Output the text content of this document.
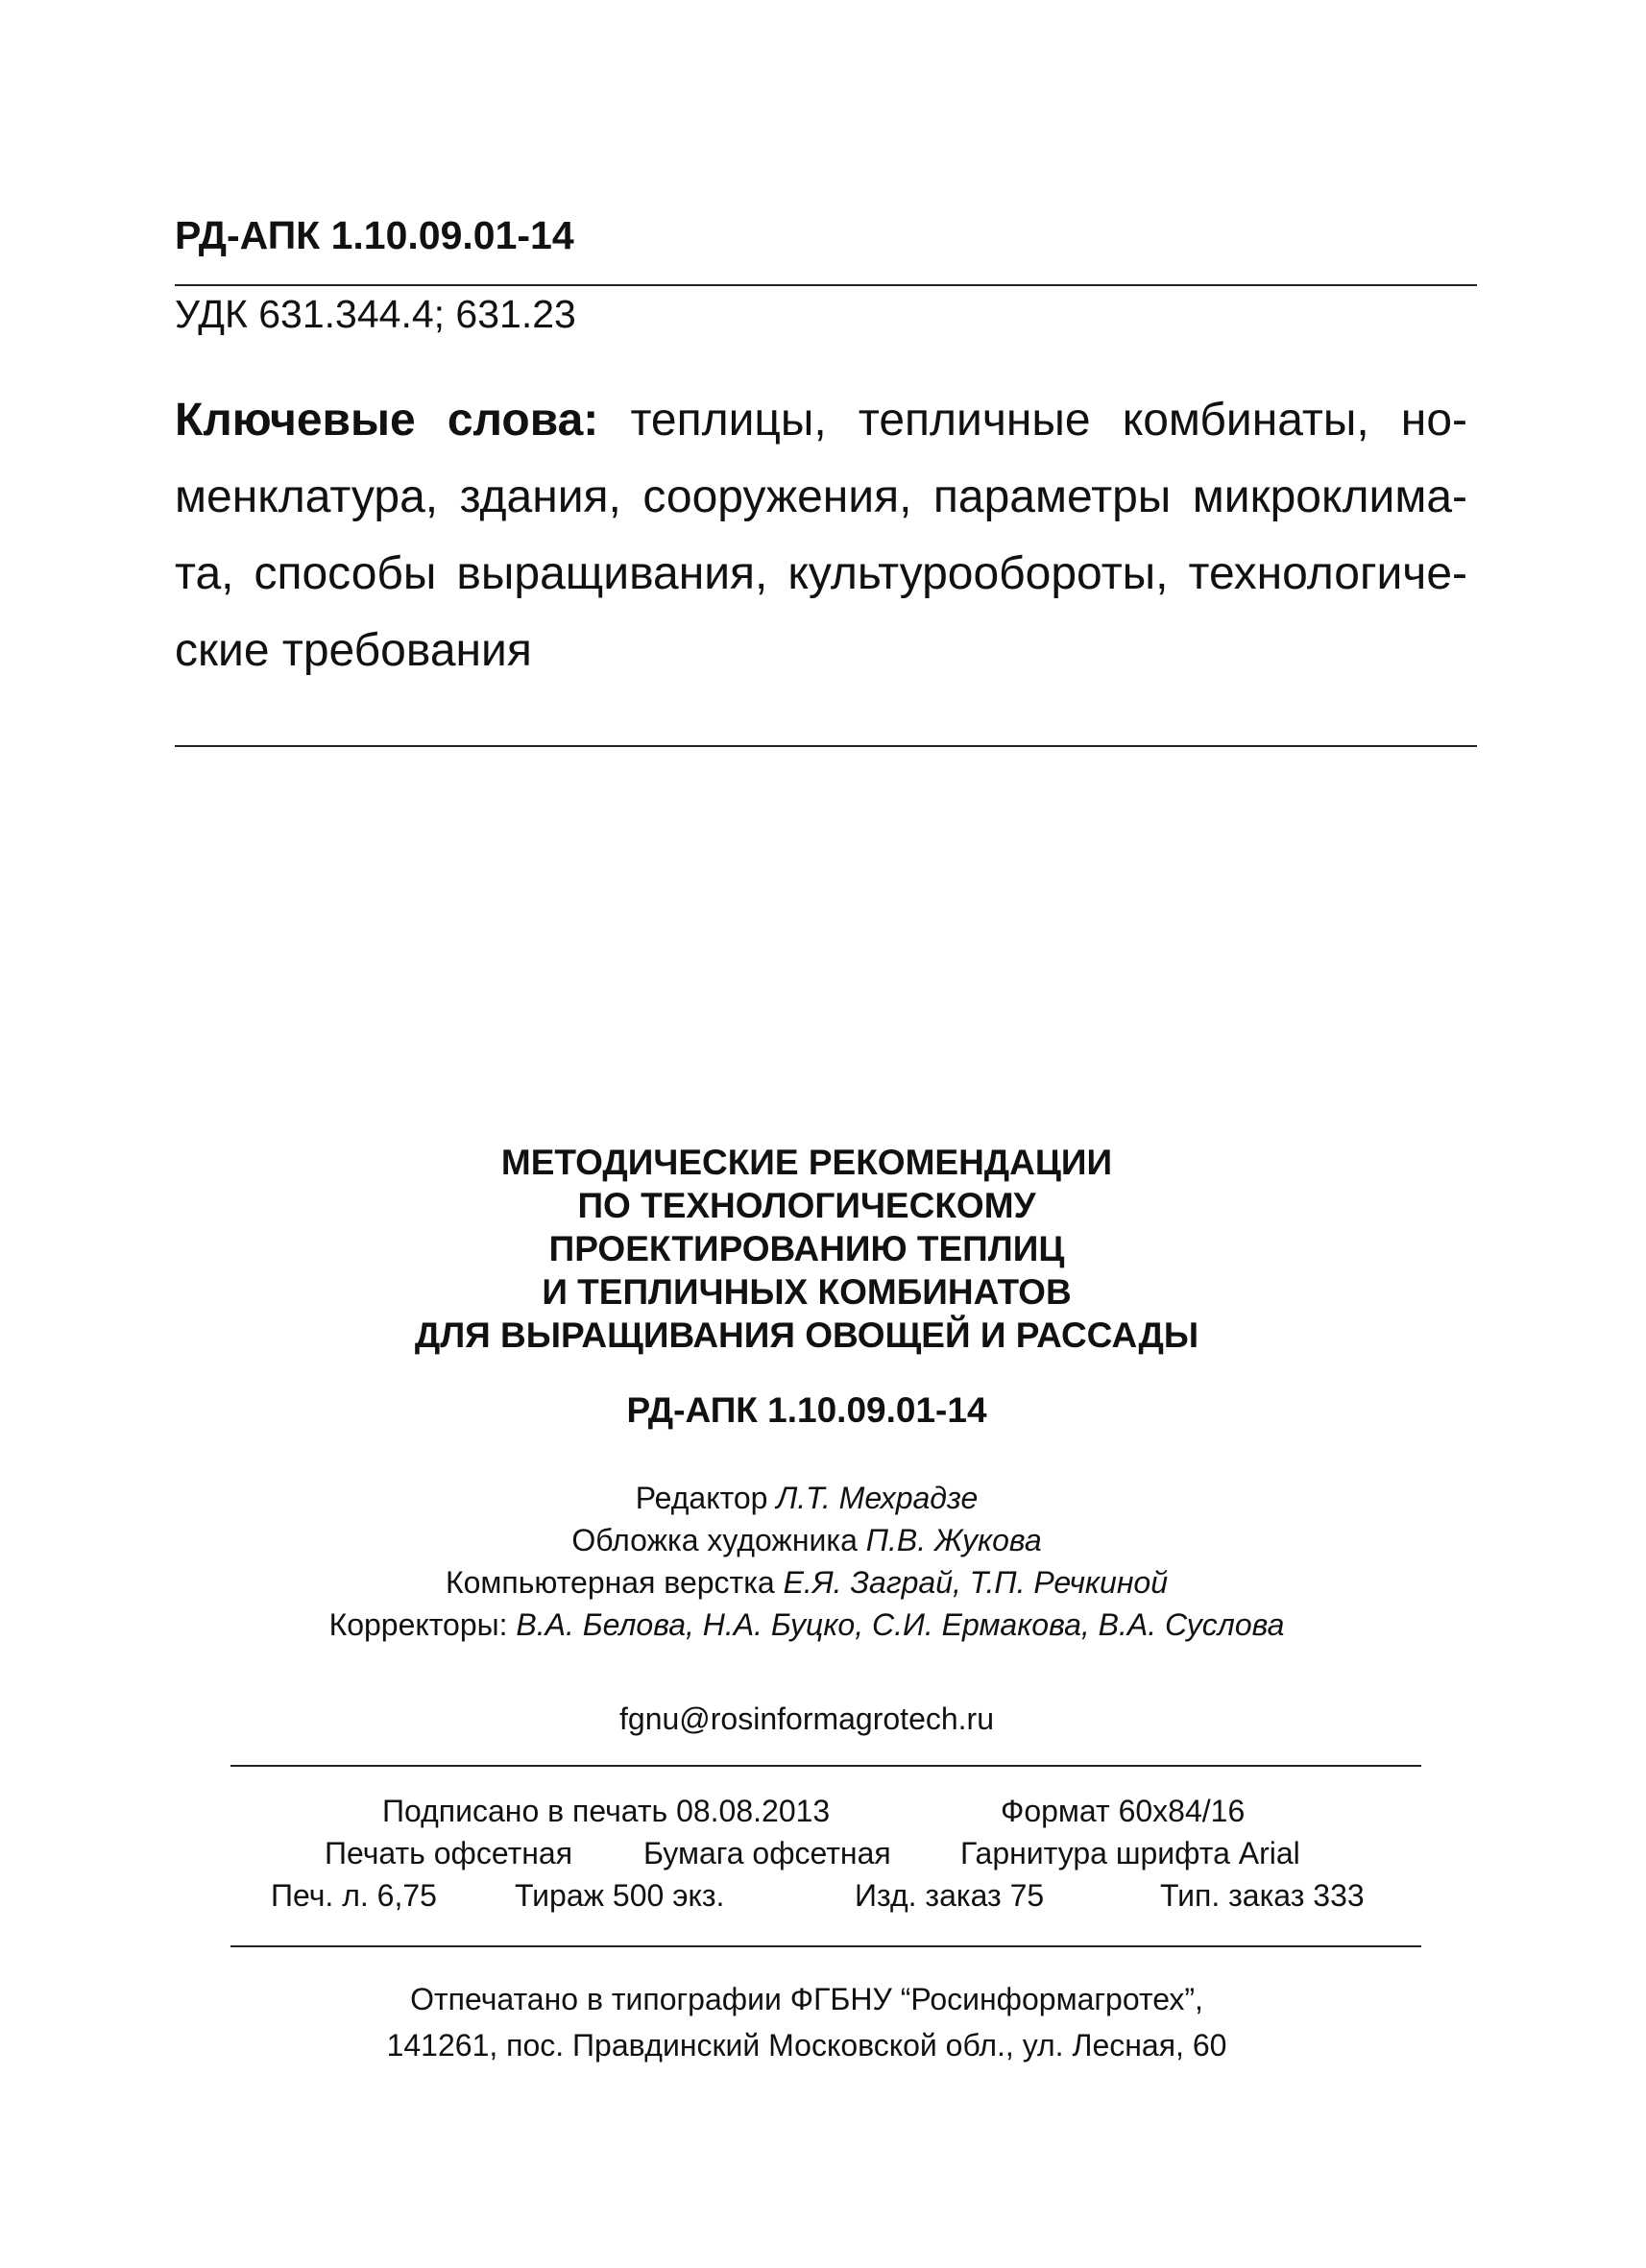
РД-АПК 1.10.09.01-14
УДК 631.344.4; 631.23
Ключевые слова: теплицы, тепличные комбинаты, но-
менклатура, здания, сооружения, параметры микроклима-
та, способы выращивания, культурообороты, технологиче-
ские требования
МЕТОДИЧЕСКИЕ РЕКОМЕНДАЦИИ
ПО ТЕХНОЛОГИЧЕСКОМУ
ПРОЕКТИРОВАНИЮ ТЕПЛИЦ
И ТЕПЛИЧНЫХ КОМБИНАТОВ
ДЛЯ ВЫРАЩИВАНИЯ ОВОЩЕЙ И РАССАДЫ
РД-АПК 1.10.09.01-14
Редактор Л.Т. Мехрадзе
Обложка художника П.В. Жукова
Компьютерная верстка Е.Я. Заграй, Т.П. Речкиной
Корректоры: В.А. Белова, Н.А. Буцко, С.И. Ермакова, В.А. Суслова
fgnu@rosinformagrotech.ru
Подписано в печать 08.08.2013	Формат 60x84/16
Печать офсетная Бумага офсетная Гарнитура шрифта Arial
Печ. л. 6,75	Тираж 500 экз.	Изд. заказ 75	Тип. заказ 333
Отпечатано в типографии ФГБНУ “Росинформагротех”,
141261, пос. Правдинский Московской обл., ул. Лесная, 60
